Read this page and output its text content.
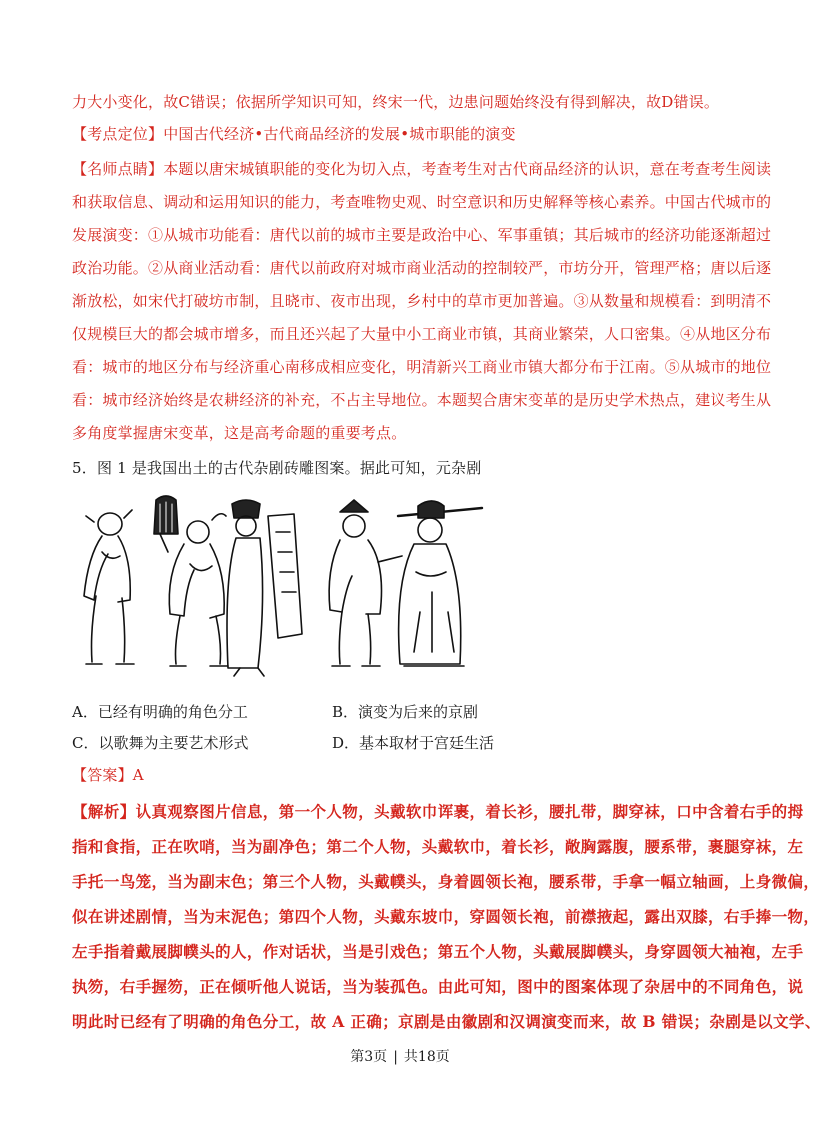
力大小变化，故C错误；依据所学知识可知，终宋一代，边患问题始终没有得到解决，故D错误。
【考点定位】中国古代经济•古代商品经济的发展•城市职能的演变
【名师点睛】本题以唐宋城镇职能的变化为切入点，考查考生对古代商品经济的认识，意在考查考生阅读
和获取信息、调动和运用知识的能力，考查唯物史观、时空意识和历史解释等核心素养。中国古代城市的
发展演变：①从城市功能看：唐代以前的城市主要是政治中心、军事重镇；其后城市的经济功能逐渐超过
政治功能。②从商业活动看：唐代以前政府对城市商业活动的控制较严，市坊分开，管理严格；唐以后逐
渐放松，如宋代打破坊市制，且晓市、夜市出现，乡村中的草市更加普遍。③从数量和规模看：到明清不
仅规模巨大的都会城市增多，而且还兴起了大量中小工商业市镇，其商业繁荣，人口密集。④从地区分布
看：城市的地区分布与经济重心南移成相应变化，明清新兴工商业市镇大都分布于江南。⑤从城市的地位
看：城市经济始终是农耕经济的补充，不占主导地位。本题契合唐宋变革的是历史学术热点，建议考生从
多角度掌握唐宋变革，这是高考命题的重要考点。
5．图 1 是我国出土的古代杂剧砖雕图案。据此可知，元杂剧
A．已经有明确的角色分工	B．演变为后来的京剧
C．以歌舞为主要艺术形式	D．基本取材于宫廷生活
【答案】A
【解析】认真观察图片信息，第一个人物，头戴软巾诨裹，着长衫，腰扎带，脚穿袜，口中含着右手的拇
指和食指，正在吹哨，当为副净色；第二个人物，头戴软巾，着长衫，敞胸露腹，腰系带，裹腿穿袜，左
手托一鸟笼，当为副末色；第三个人物，头戴幞头，身着圆领长袍，腰系带，手拿一幅立轴画，上身微偏，
似在讲述剧情，当为末泥色；第四个人物，头戴东坡巾，穿圆领长袍，前襟掖起，露出双膝，右手捧一物，
左手指着戴展脚幞头的人，作对话状，当是引戏色；第五个人物，头戴展脚幞头，身穿圆领大袖袍，左手
执笏，右手握笏，正在倾听他人说话，当为装孤色。由此可知，图中的图案体现了杂居中的不同角色，说
明此时已经有了明确的角色分工，故 A 正确；京剧是由徽剧和汉调演变而来，故 B 错误；杂剧是以文学、
第3页 | 共18页
